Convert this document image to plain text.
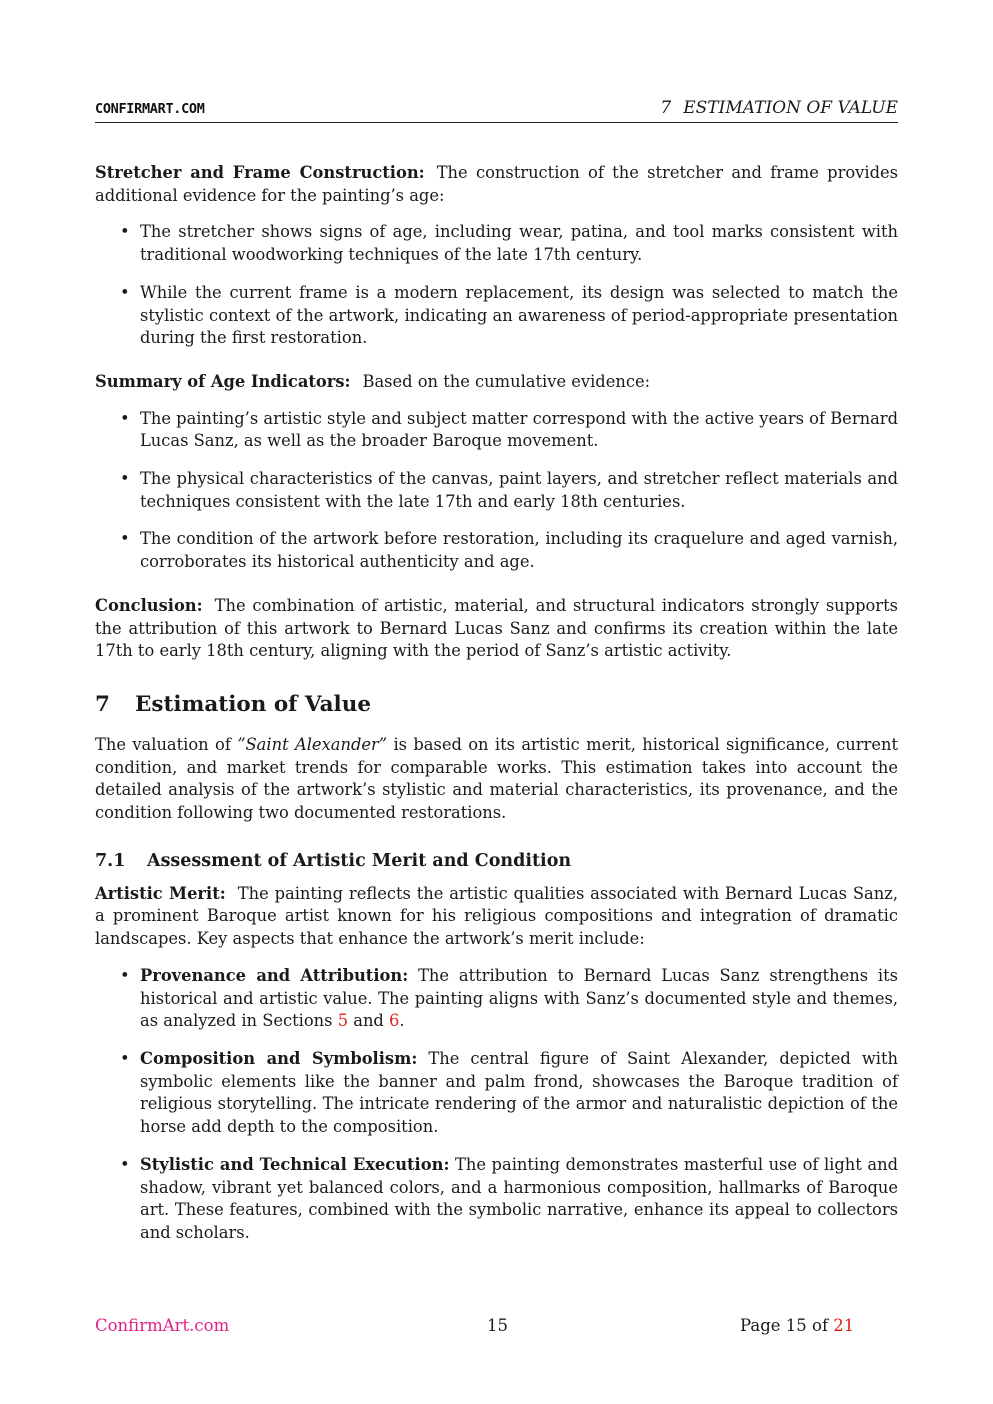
CONFIRMART.COM	7 ESTIMATION OF VALUE

Stretcher and Frame Construction: The construction of the stretcher and frame provides additional evidence for the painting’s age:

• The stretcher shows signs of age, including wear, patina, and tool marks consistent with traditional woodworking techniques of the late 17th century.
• While the current frame is a modern replacement, its design was selected to match the stylistic context of the artwork, indicating an awareness of period-appropriate presentation during the first restoration.

Summary of Age Indicators: Based on the cumulative evidence:

• The painting’s artistic style and subject matter correspond with the active years of Bernard Lucas Sanz, as well as the broader Baroque movement.
• The physical characteristics of the canvas, paint layers, and stretcher reflect materials and techniques consistent with the late 17th and early 18th centuries.
• The condition of the artwork before restoration, including its craquelure and aged varnish, corroborates its historical authenticity and age.

Conclusion: The combination of artistic, material, and structural indicators strongly supports the attribution of this artwork to Bernard Lucas Sanz and confirms its creation within the late 17th to early 18th century, aligning with the period of Sanz’s artistic activity.

7 Estimation of Value

The valuation of ”Saint Alexander” is based on its artistic merit, historical significance, current condition, and market trends for comparable works. This estimation takes into account the detailed analysis of the artwork’s stylistic and material characteristics, its provenance, and the condition following two documented restorations.

7.1 Assessment of Artistic Merit and Condition

Artistic Merit: The painting reflects the artistic qualities associated with Bernard Lucas Sanz, a prominent Baroque artist known for his religious compositions and integration of dramatic landscapes. Key aspects that enhance the artwork’s merit include:

• Provenance and Attribution: The attribution to Bernard Lucas Sanz strengthens its historical and artistic value. The painting aligns with Sanz’s documented style and themes, as analyzed in Sections 5 and 6.
• Composition and Symbolism: The central figure of Saint Alexander, depicted with symbolic elements like the banner and palm frond, showcases the Baroque tradition of religious storytelling. The intricate rendering of the armor and naturalistic depiction of the horse add depth to the composition.
• Stylistic and Technical Execution: The painting demonstrates masterful use of light and shadow, vibrant yet balanced colors, and a harmonious composition, hallmarks of Baroque art. These features, combined with the symbolic narrative, enhance its appeal to collectors and scholars.
ConfirmArt.com	15	Page 15 of 21
